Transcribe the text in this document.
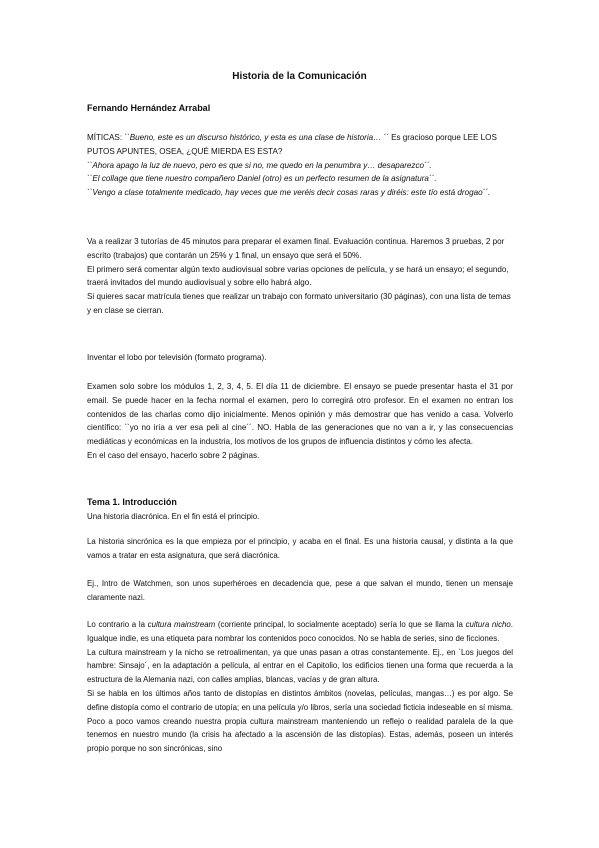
Historia de la Comunicación
Fernando Hernández Arrabal

MÍTICAS: ``Bueno, este es un discurso histórico, y esta es una clase de historia… ´´ Es gracioso porque LEE LOS PUTOS APUNTES, OSEA, ¿QUÉ MIERDA ES ESTA?

``Ahora apago la luz de nuevo, pero es que si no, me quedo en la penumbra y… desaparezco´´.

``El collage que tiene nuestro compañero Daniel (otro) es un perfecto resumen de la asignatura´´.

``Vengo a clase totalmente medicado, hay veces que me veréis decir cosas raras y diréis: este tío está drogao´´.

Va a realizar 3 tutorías de 45 minutos para preparar el examen final. Evaluación continua. Haremos 3 pruebas, 2 por escrito (trabajos) que contarán un 25% y 1 final, un ensayo que será el 50%.

El primero será comentar algún texto audiovisual sobre varias opciones de película, y se hará un ensayo; el segundo, traerá invitados del mundo audiovisual y sobre ello habrá algo.

Si quieres sacar matrícula tienes que realizar un trabajo con formato universitario (30 páginas), con una lista de temas y en clase se cierran.

Inventar el lobo por televisión (formato programa).

Examen solo sobre los módulos 1, 2, 3, 4, 5. El día 11 de diciembre. El ensayo se puede presentar hasta el 31 por email. Se puede hacer en la fecha normal el examen, pero lo corregirá otro profesor. En el examen no entran los contenidos de las charlas como dijo inicialmente. Menos opinión y más demostrar que has venido a casa. Volverlo científico: ``yo no iría a ver esa peli al cine´´. NO. Habla de las generaciones que no van a ir, y las consecuencias mediáticas y económicas en la industria, los motivos de los grupos de influencia distintos y cómo les afecta.

En el caso del ensayo, hacerlo sobre 2 páginas.

Tema 1. Introducción

Una historia diacrónica. En el fin está el principio.

La historia sincrónica es la que empieza por el principio, y acaba en el final. Es una historia causal, y distinta a la que vamos a tratar en esta asignatura, que será diacrónica.

Ej., Intro de Watchmen, son unos superhéroes en decadencia que, pese a que salvan el mundo, tienen un mensaje claramente nazi.

Lo contrario a la cultura mainstream (corriente principal, lo socialmente aceptado) sería lo que se llama la cultura nicho. Igualque indie, es una etiqueta para nombrar los contenidos poco conocidos. No se habla de series, sino de ficciones.

La cultura mainstream y la nicho se retroalimentan, ya que unas pasan a otras constantemente. Ej., en `Los juegos del hambre: Sinsajo´, en la adaptación a película, al entrar en el Capitolio, los edificios tienen una forma que recuerda a la estructura de la Alemania nazi, con calles amplias, blancas, vacías y de gran altura.

Si se habla en los últimos años tanto de distopías en distintos ámbitos (novelas, películas, mangas…) es por algo. Se define distopía como el contrario de utopía; en una película y/o libros, sería una sociedad ficticia indeseable en sí misma. Poco a poco vamos creando nuestra propia cultura mainstream manteniendo un reflejo o realidad paralela de la que tenemos en nuestro mundo (la crisis ha afectado a la ascensión de las distopías). Estas, además, poseen un interés propio porque no son sincrónicas, sino
